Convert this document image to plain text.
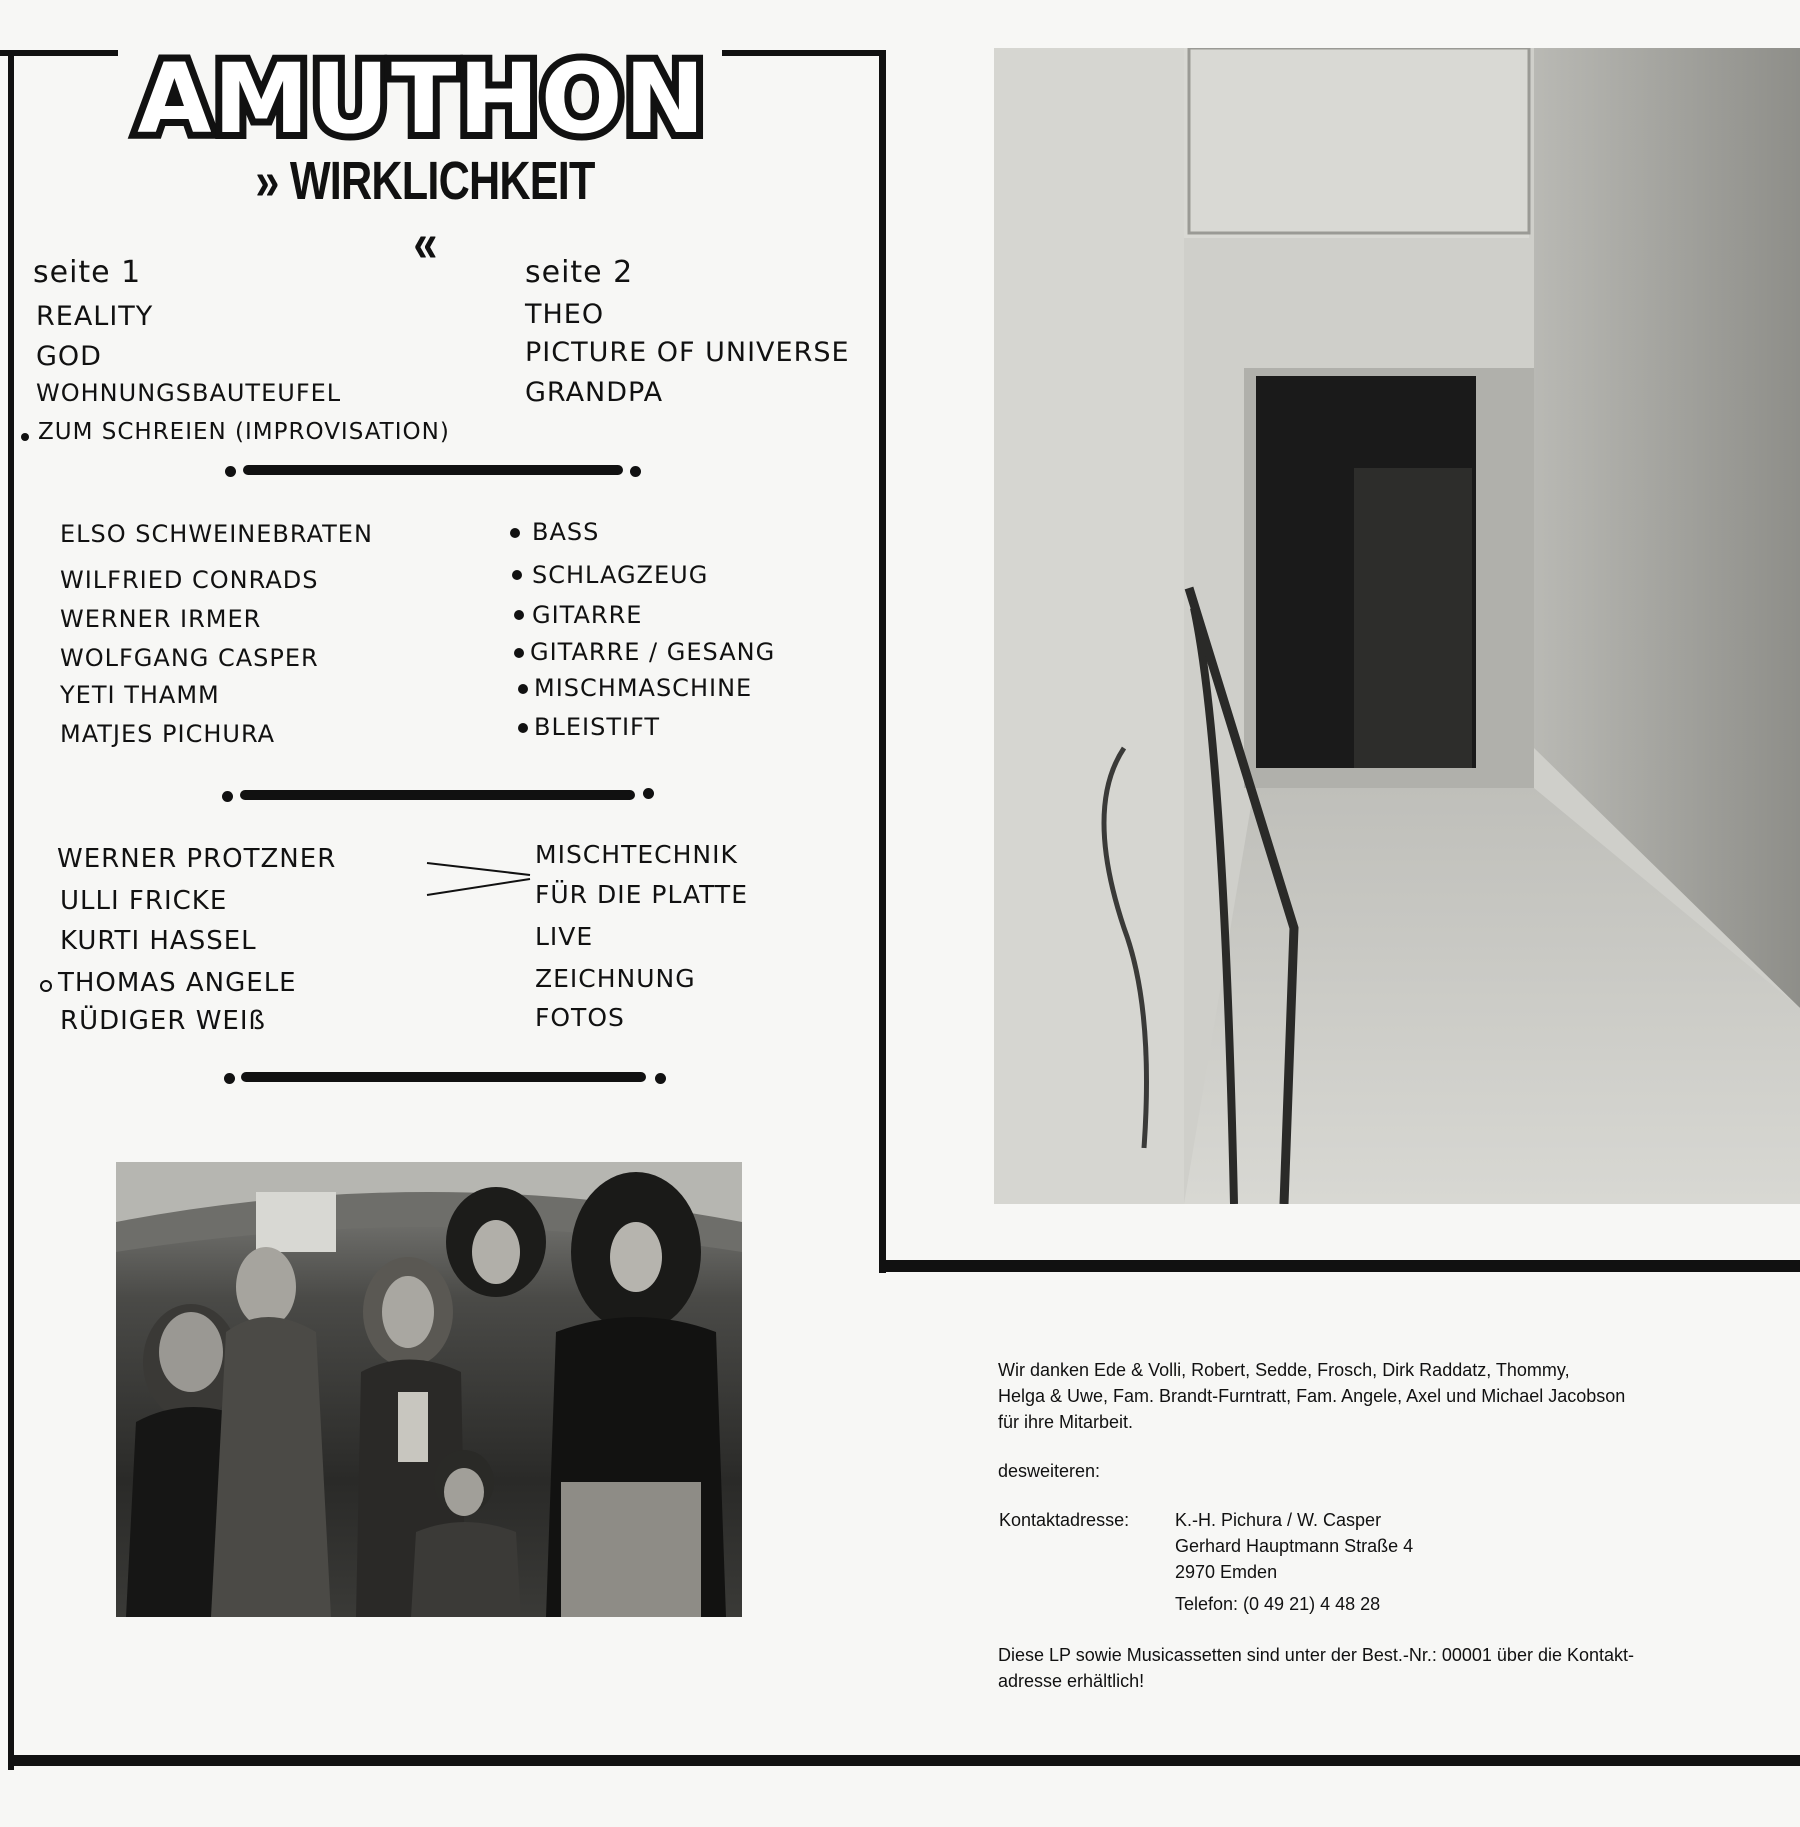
AMUTHON
» WIRKLICHKEIT «
seite 1
REALITY
GOD
WOHNUNGSBAUTEUFEL
ZUM SCHREIEN (IMPROVISATION)
seite 2
THEO
PICTURE OF UNIVERSE
GRANDPA
ELSO SCHWEINEBRATEN
WILFRIED CONRADS
WERNER IRMER
WOLFGANG CASPER
YETI THAMM
MATJES PICHURA
BASS
SCHLAGZEUG
GITARRE
GITARRE / GESANG
MISCHMASCHINE
BLEISTIFT
WERNER PROTZNER
ULLI FRICKE
KURTI HASSEL
THOMAS ANGELE
RÜDIGER WEIß
MISCHTECHNIK
FÜR DIE PLATTE
LIVE
ZEICHNUNG
FOTOS
Wir danken Ede & Volli, Robert, Sedde, Frosch, Dirk Raddatz, Thommy,
Helga & Uwe, Fam. Brandt-Furntratt, Fam. Angele, Axel und Michael Jacobson
für ihre Mitarbeit.
desweiteren:
Kontaktadresse:	K.-H. Pichura / W. Casper
Gerhard Hauptmann Straße 4
2970 Emden
Telefon: (0 49 21) 4 48 28
Diese LP sowie Musicassetten sind unter der Best.-Nr.: 00001 über die Kontakt-
adresse erhältlich!
